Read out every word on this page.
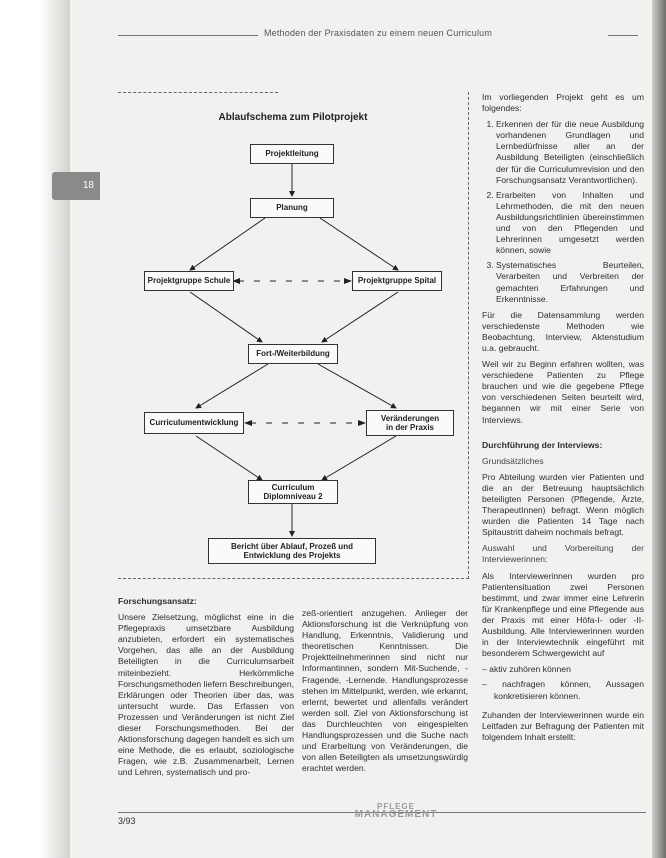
18
Methoden der Praxisdaten zu einem neuen Curriculum
Ablaufschema zum Pilotprojekt
Projektleitung
Planung
Projektgruppe Schule	Projektgruppe Spital
Fort-/Weiterbildung
Curriculumentwicklung
Veränderungen
in der Praxis
Curriculum
Diplomniveau 2
Bericht über Ablauf, Prozeß und
Entwicklung des Projekts

Forschungsansatz:

Unsere Zielsetzung, möglichst eine in die Pflegepraxis umsetzbare Ausbildung anzubieten, erfordert ein systematisches Vorgehen, das alle an der Ausbildung Beteiligten in die Curriculumsarbeit miteinbezieht. Herkömmliche Forschungsmethoden liefern Beschreibungen, Erklärungen oder Theorien über das, was untersucht wurde. Das Erfassen von Prozessen und Veränderungen ist nicht Ziel dieser Forschungsmethoden. Bei der Aktionsforschung dagegen handelt es sich um eine Methode, die es erlaubt, soziologische Fragen, wie z.B. Zusammenarbeit, Lernen und Lehren, systematisch und pro-

zeß-orientiert anzugehen. Anlieger der Aktionsforschung ist die Verknüpfung von Handlung, Erkenntnis, Validierung und theoretischen Kenntnissen. Die Projektteilnehmerinnen sind nicht nur Informantinnen, sondern Mit-Suchende, -Fragende, -Lernende. Handlungsprozesse stehen im Mittelpunkt, werden, wie erkannt, erlernt, bewertet und allenfalls verändert werden soll. Ziel von Aktionsforschung ist das Durchleuchten von eingespielten Handlungsprozessen und die Suche nach und Erarbeitung von Veränderungen, die von allen Beteiligten als umsetzungswürdig erachtet werden.

Im vorliegenden Projekt geht es um folgendes:

1. Erkennen der für die neue Ausbildung vorhandenen Grundlagen und Lernbedürfnisse aller an der Ausbildung Beteiligten (einschließlich der für die Curriculumrevision und den Forschungsansatz Verantwortlichen).
2. Erarbeiten von Inhalten und Lehrmethoden, die mit den neuen Ausbildungsrichtlinien übereinstimmen und von den Pflegenden und Lehrerinnen umgesetzt werden können, sowie
3. Systematisches Beurteilen, Verarbeiten und Verbreiten der gemachten Erfahrungen und Erkenntnisse.

Für die Datensammlung werden verschiedenste Methoden wie Beobachtung, Interview, Aktenstudium u.a. gebraucht.

Weil wir zu Beginn erfahren wollten, was verschiedene Patienten zu Pflege brauchen und wie die gegebene Pflege von verschiedenen Seiten beurteilt wird, begannen wir mit einer Serie von Interviews.

Durchführung der Interviews:

Grundsätzliches

Pro Abteilung wurden vier Patienten und die an der Betreuung hauptsächlich beteiligten Personen (Pflegende, Ärzte, TherapeutInnen) befragt. Wenn möglich wurden die Patienten 14 Tage nach Spitaustritt daheim nochmals befragt.

Auswahl und Vorbereitung der Interviewerinnen:

Als Interviewerinnen wurden pro Patientensituation zwei Personen bestimmt, und zwar immer eine Lehrerin für Krankenpflege und eine Pflegende aus der Praxis mit einer Höfa-I- oder -II-Ausbildung. Alle Interviewerinnen wurden in der Interviewtechnik eingeführt mit besonderem Schwergewicht auf

– aktiv zuhören können

– nachfragen können, Aussagen konkretisieren können.

Zuhanden der Interviewerinnen wurde ein Leitfaden zur Befragung der Patienten mit folgendem Inhalt erstellt:

3/93
PFLEGE
MANAGEMENT
